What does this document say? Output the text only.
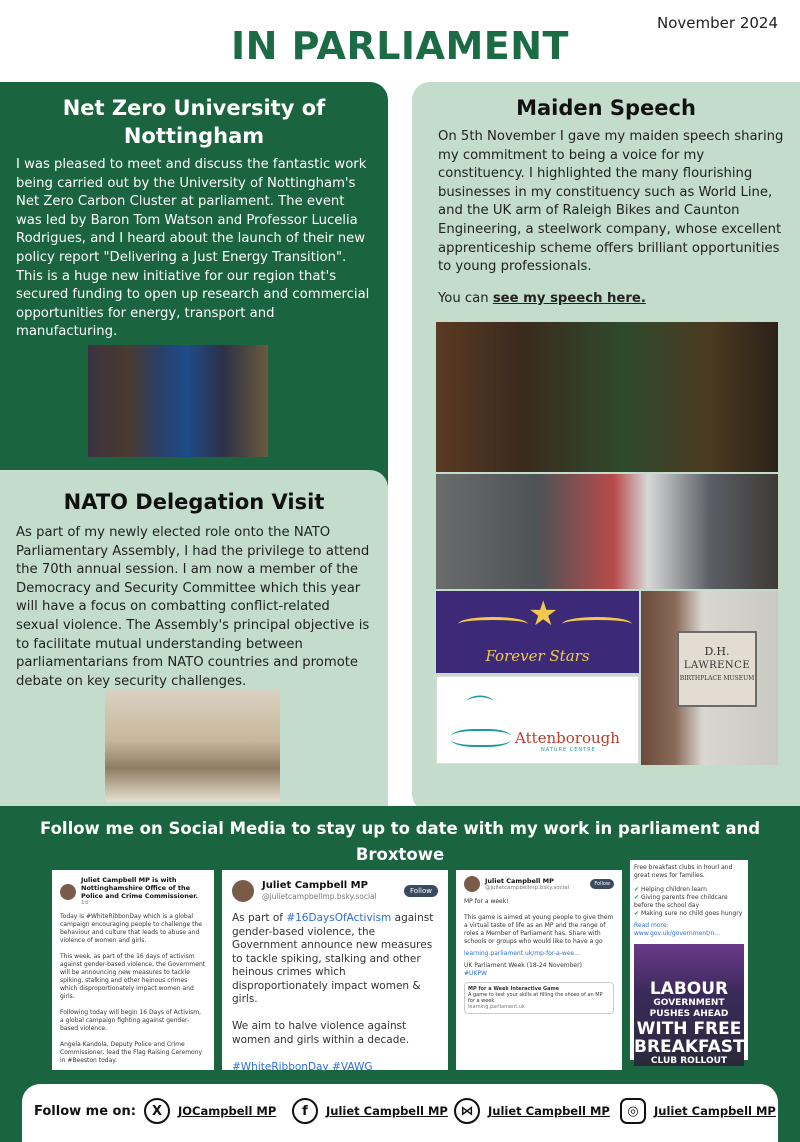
November 2024
IN PARLIAMENT
Net Zero University of Nottingham
I was pleased to meet and discuss the fantastic work being carried out by the University of Nottingham's Net Zero Carbon Cluster at parliament. The event was led by Baron Tom Watson and Professor Lucelia Rodrigues, and I heard about the launch of their new policy report "Delivering a Just Energy Transition". This is a huge new initiative for our region that's secured funding to open up research and commercial opportunities for energy, transport and manufacturing.
Maiden Speech
On 5th November I gave my maiden speech sharing my commitment to being a voice for my constituency. I highlighted the many flourishing businesses in my constituency such as World Line, and the UK arm of Raleigh Bikes and Caunton Engineering, a steelwork company, whose excellent apprenticeship scheme offers brilliant opportunities to young professionals.
You can see my speech here.
★
Forever Stars	D.H.
LAWRENCE
BIRTHPLACE MUSEUM
⌒
Attenborough
NATURE CENTRE
NATO Delegation Visit
As part of my newly elected role onto the NATO Parliamentary Assembly, I had the privilege to attend the 70th annual session. I am now a member of the Democracy and Security Committee which this year will have a focus on combatting conflict-related sexual violence. The Assembly's principal objective is to facilitate mutual understanding between parliamentarians from NATO countries and promote debate on key security challenges.
Follow me on Social Media to stay up to date with my work in parliament and Broxtowe
Juliet Campbell MP is with Nottinghamshire Office of the Police and Crime Commissioner.
1d
Today is #WhiteRibbonDay which is a global campaign encouraging people to challenge the behaviour and culture that leads to abuse and violence of women and girls.

This week, as part of the 16 days of activism against gender-based violence, the Government will be announcing new measures to tackle spiking, stalking and other heinous crimes which disproportionately impact women and girls.

Following today will begin 16 Days of Activism, a global campaign fighting against gender-based violence.

Angela Kandola, Deputy Police and Crime Commissioner, lead the Flag Raising Ceremony in #Beeston today.
Juliet Campbell MP
@julietcampbellmp.bsky.social
Follow
As part of #16DaysOfActivism against gender-based violence, the Government announce new measures to tackle spiking, stalking and other heinous crimes which disproportionately impact women & girls.

We aim to halve violence against women and girls within a decade.

#WhiteRibbonDay #VAWG
Juliet Campbell MP
@julietcampbellmp.bsky.social
Follow
MP for a week!

This game is aimed at young people to give them a virtual taste of life as an MP and the range of roles a Member of Parliament has. Share with schools or groups who would like to have a go
learning.parliament.uk/mp-for-a-wee...
UK Parliament Week (18-24 November)
#UKPW
MP for a Week Interactive Game
A game to test your skills at filling the shoes of an MP for a week
learning.parliament.uk
Free breakfast clubs in hourl and great news for families.
✔ Helping children learn
✔ Giving parents free childcare before the school day
✔ Making sure no child goes hungry
Read more: www.gov.uk/government/n...
LABOUR
GOVERNMENT PUSHES AHEAD
WITH FREE
BREAKFAST
CLUB ROLLOUT
Follow me on:	X	JOCampbell MP	f	Juliet Campbell MP ⋈	Juliet Campbell MP	◎	Juliet Campbell MP
